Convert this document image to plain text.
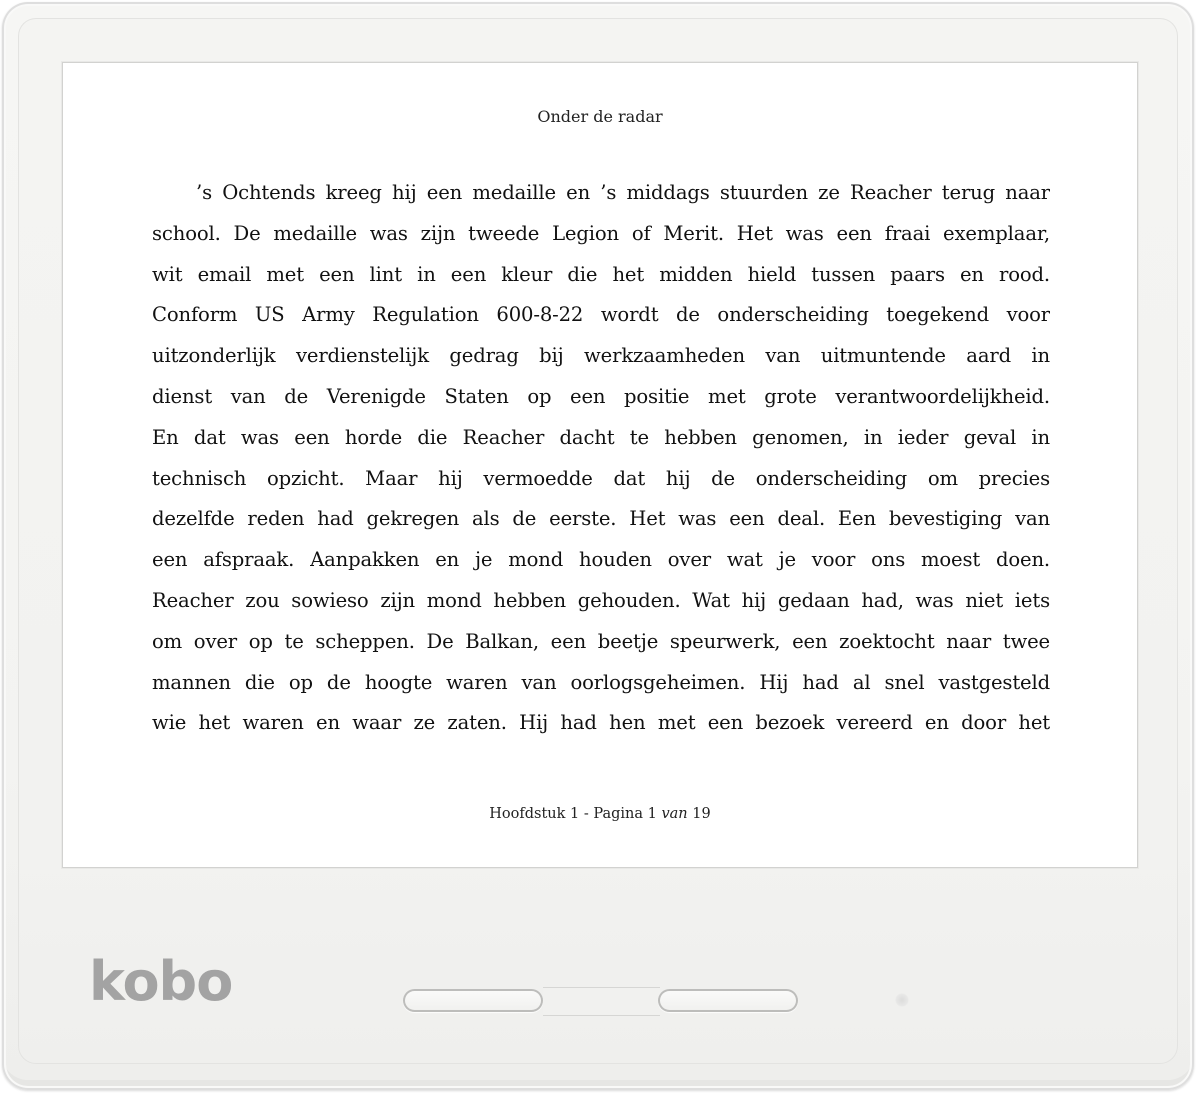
Onder de radar
’s Ochtends kreeg hij een medaille en ’s middags stuurden ze Reacher terug naar
school. De medaille was zijn tweede Legion of Merit. Het was een fraai exemplaar,
wit email met een lint in een kleur die het midden hield tussen paars en rood.
Conform US Army Regulation 600-8-22 wordt de onderscheiding toegekend voor
uitzonderlijk verdienstelijk gedrag bij werkzaamheden van uitmuntende aard in
dienst van de Verenigde Staten op een positie met grote verantwoordelijkheid.
En dat was een horde die Reacher dacht te hebben genomen, in ieder geval in
technisch opzicht. Maar hij vermoedde dat hij de onderscheiding om precies
dezelfde reden had gekregen als de eerste. Het was een deal. Een bevestiging van
een afspraak. Aanpakken en je mond houden over wat je voor ons moest doen.
Reacher zou sowieso zijn mond hebben gehouden. Wat hij gedaan had, was niet iets
om over op te scheppen. De Balkan, een beetje speurwerk, een zoektocht naar twee
mannen die op de hoogte waren van oorlogsgeheimen. Hij had al snel vastgesteld
wie het waren en waar ze zaten. Hij had hen met een bezoek vereerd en door het
Hoofdstuk 1 - Pagina 1 van 19
kobo
